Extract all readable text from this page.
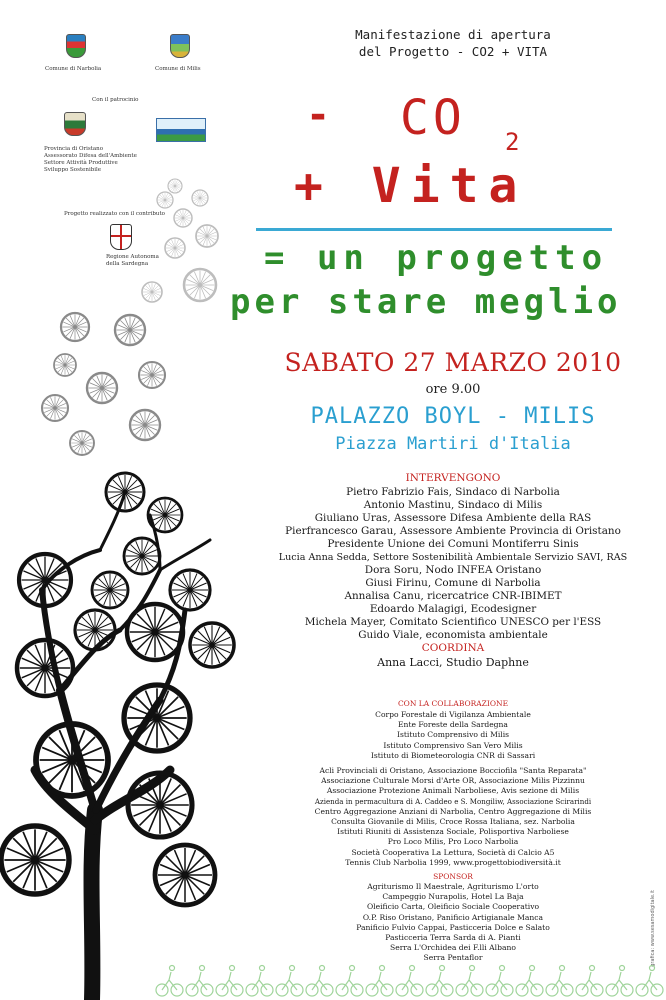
Comune di Narbolia	Comune di Milis
Con il patrocinio
Provincia di Oristano
Assessorato Difesa dell'Ambiente
Settore Attività Produttive
Sviluppo Sostenibile
Progetto realizzato con il contributo
Regione Autonoma
della Sardegna
Manifestazione di apertura
del Progetto - CO2 + VITA
- CO 2
+ Vita
= un progetto
per stare meglio
SABATO 27 MARZO 2010
ore 9.00
PALAZZO BOYL - MILIS
Piazza Martiri d'Italia
INTERVENGONO
Pietro Fabrizio Fais, Sindaco di Narbolia
Antonio Mastinu, Sindaco di Milis
Giuliano Uras, Assessore Difesa Ambiente della RAS
Pierfrancesco Garau, Assessore Ambiente Provincia di Oristano
Presidente Unione dei Comuni Montiferru Sinis
Lucia Anna Sedda, Settore Sostenibilità Ambientale Servizio SAVI, RAS
Dora Soru, Nodo INFEA Oristano
Giusi Firinu, Comune di Narbolia
Annalisa Canu, ricercatrice CNR-IBIMET
Edoardo Malagigi, Ecodesigner
Michela Mayer, Comitato Scientifico UNESCO per l'ESS
Guido Viale, economista ambientale
COORDINA
Anna Lacci, Studio Daphne
CON LA COLLABORAZIONE
Corpo Forestale di Vigilanza Ambientale
Ente Foreste della Sardegna
Istituto Comprensivo di Milis
Istituto Comprensivo San Vero Milis
Istituto di Biometeorologia CNR di Sassari
Acli Provinciali di Oristano, Associazione Bocciofila "Santa Reparata"
Associazione Culturale Morsi d'Arte OR, Associazione Milis Pizzinnu
Associazione Protezione Animali Narboliese, Avis sezione di Milis
Azienda in permacultura di A. Caddeo e S. Mongiliw, Associazione Scirarindi
Centro Aggregazione Anziani di Narbolia, Centro Aggregazione di Milis
Consulta Giovanile di Milis, Croce Rossa Italiana, sez. Narbolia
Istituti Riuniti di Assistenza Sociale, Polisportiva Narboliese
Pro Loco Milis, Pro Loco Narbolia
Società Cooperativa La Lettura, Società di Calcio A5
Tennis Club Narbolia 1999, www.progettobiodiversità.it
SPONSOR
Agriturismo Il Maestrale, Agriturismo L'orto
Campeggio Nurapolis, Hotel La Baja
Oleificio Carta, Oleificio Sociale Cooperativo
O.P. Riso Oristano, Panificio Artigianale Manca
Panificio Fulvio Cappai, Pasticceria Dolce e Salato
Pasticceria Terra Sarda di A. Pianti
Serra L'Orchidea dei F.lli Albano
Serra Pentaflor	grafica: www.sesamodigitale.it
